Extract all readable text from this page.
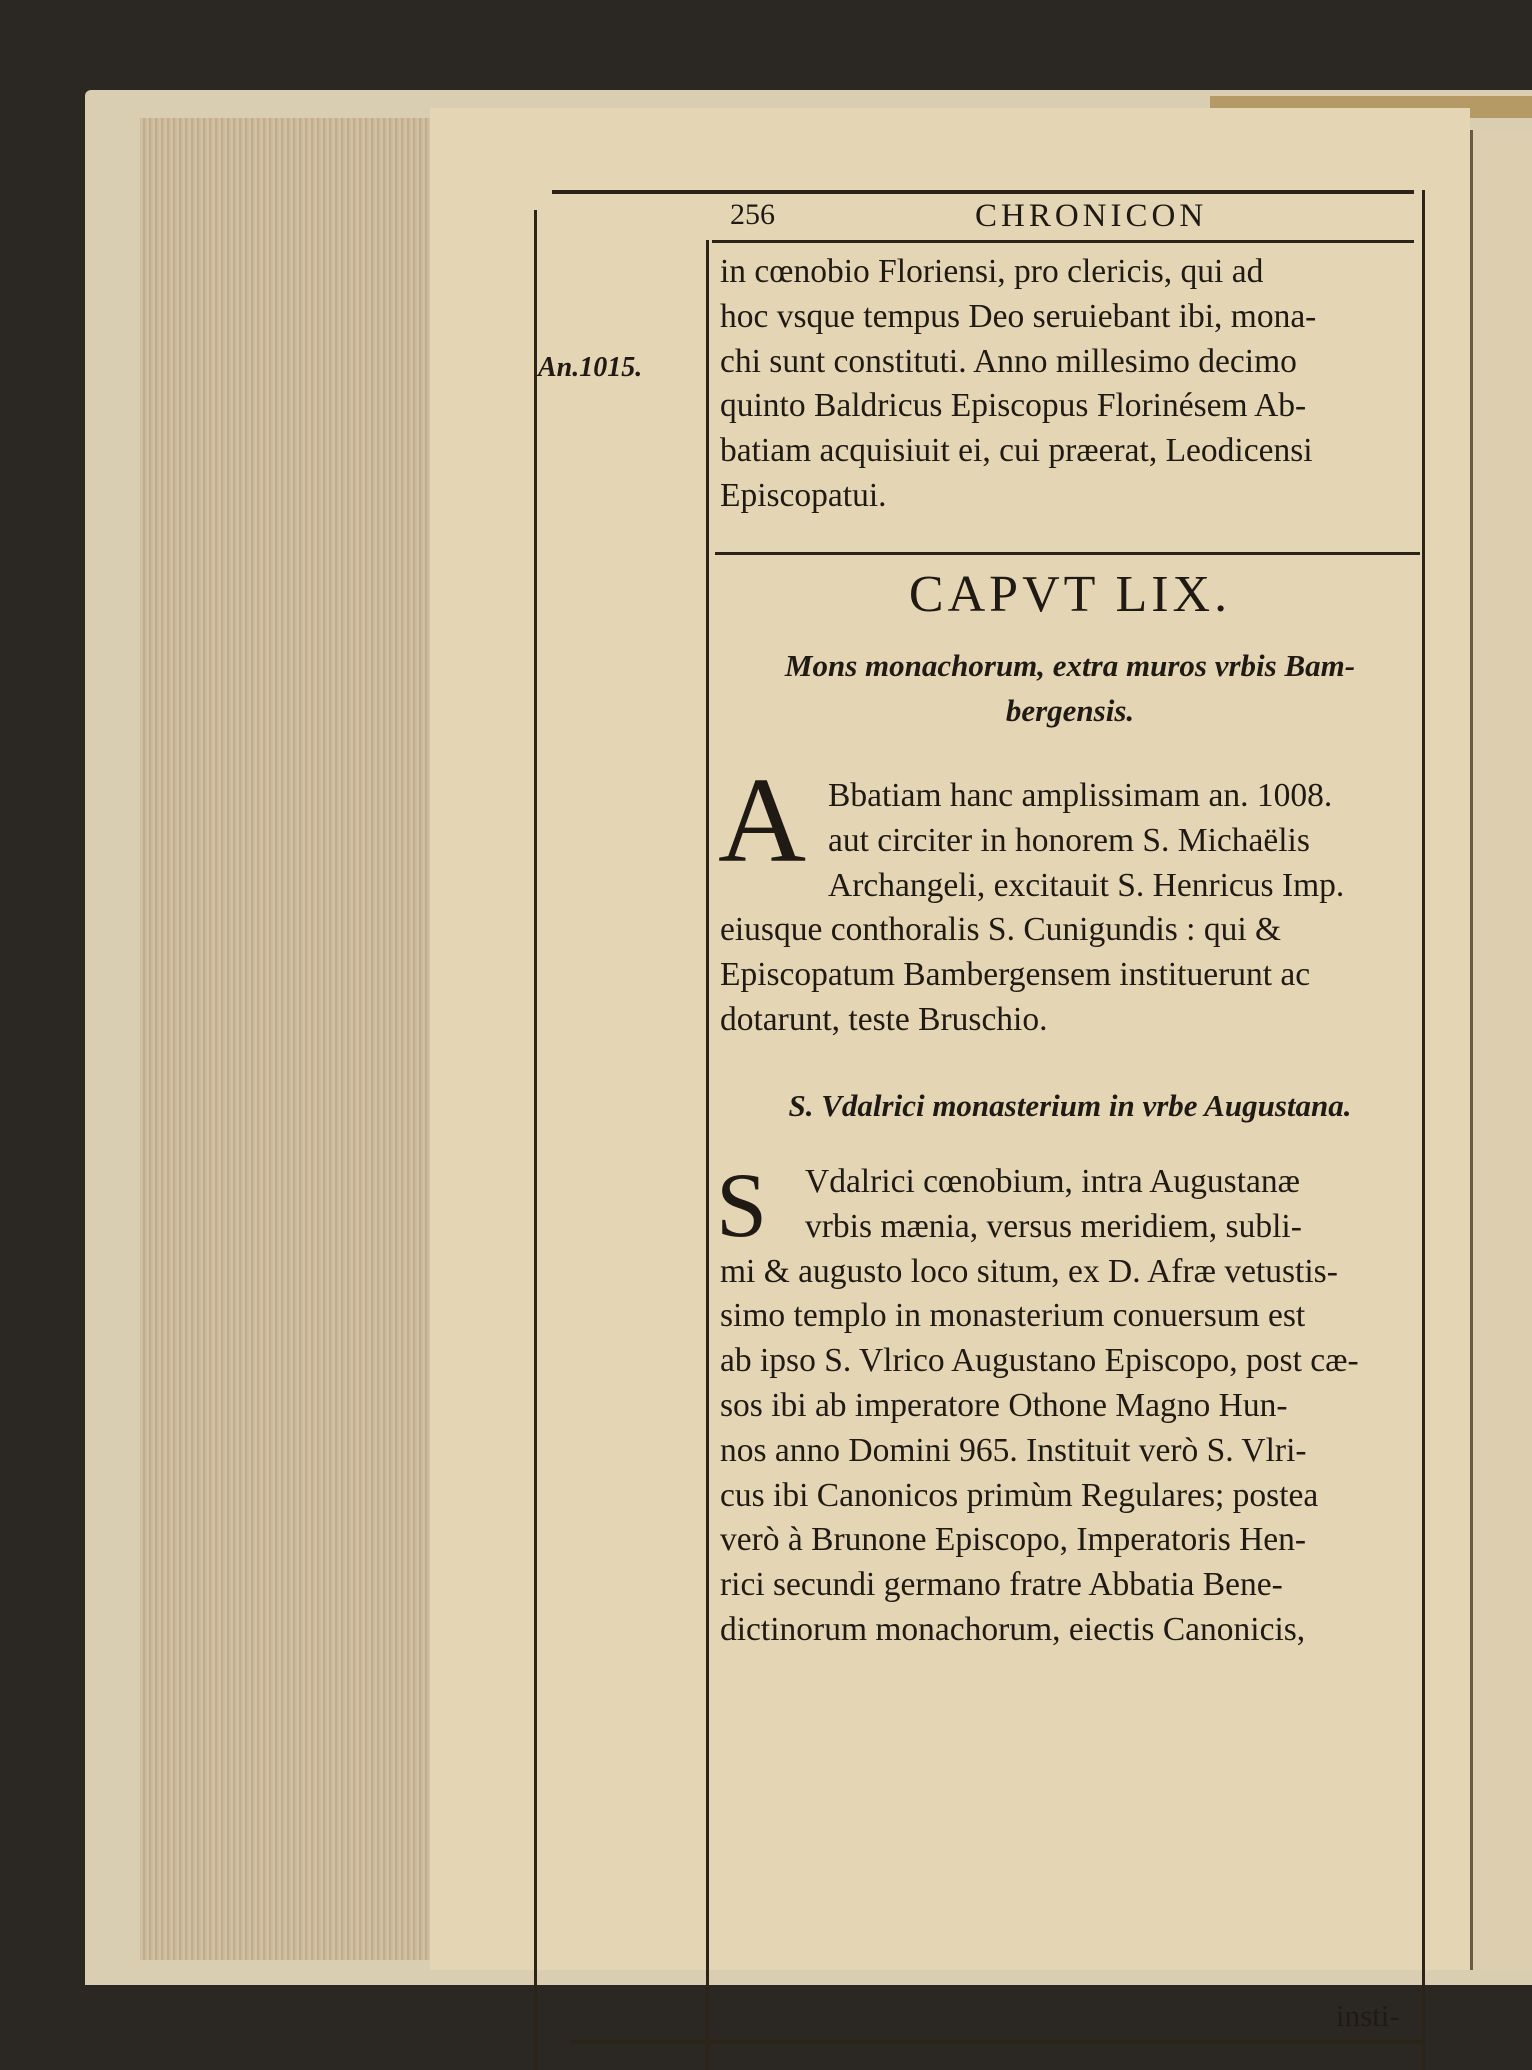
256	CHRONICON
An.1015.
in cœnobio Floriensi, pro clericis, qui ad
hoc vsque tempus Deo seruiebant ibi, mona-
chi sunt constituti. Anno millesimo decimo
quinto Baldricus Episcopus Florinésem Ab-
batiam acquisiuit ei, cui præerat, Leodicensi
Episcopatui.
CAPVT LIX.
Mons monachorum, extra muros vrbis Bam-
bergensis.
A Bbatiam hanc amplissimam an. 1008.
aut circiter in honorem S. Michaëlis
Archangeli, excitauit S. Henricus Imp.
eiusque conthoralis S. Cunigundis : qui &
Episcopatum Bambergensem instituerunt ac
dotarunt, teste Bruschio.
S. Vdalrici monasterium in vrbe Augustana.
S	Vdalrici cœnobium, intra Augustanæ
vrbis mænia, versus meridiem, subli-
mi & augusto loco situm, ex D. Afræ vetustis-
simo templo in monasterium conuersum est
ab ipso S. Vlrico Augustano Episcopo, post cæ-
sos ibi ab imperatore Othone Magno Hun-
nos anno Domini 965. Instituit verò S. Vlri-
cus ibi Canonicos primùm Regulares; postea
verò à Brunone Episcopo, Imperatoris Hen-
rici secundi germano fratre Abbatia Bene-
dictinorum monachorum, eiectis Canonicis,
insti-
